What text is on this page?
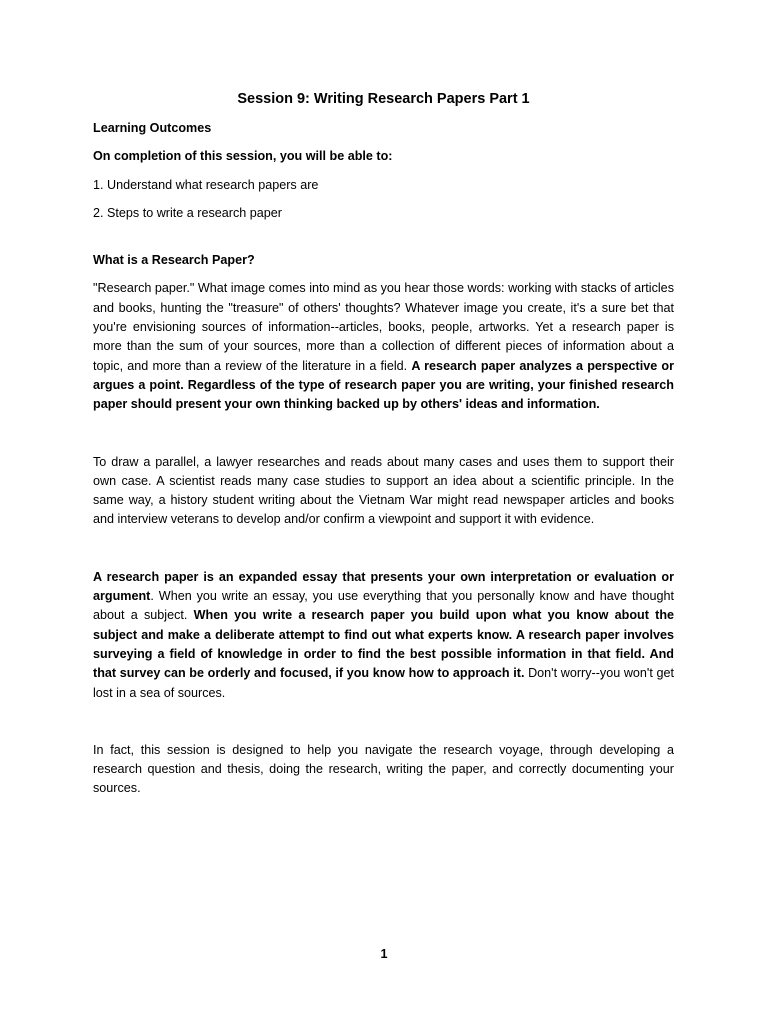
Session 9: Writing Research Papers Part 1
Learning Outcomes
On completion of this session, you will be able to:
1. Understand what research papers are
2. Steps to write a research paper
What is a Research Paper?

"Research paper." What image comes into mind as you hear those words: working with stacks of articles and books, hunting the "treasure" of others' thoughts? Whatever image you create, it's a sure bet that you're envisioning sources of information--articles, books, people, artworks. Yet a research paper is more than the sum of your sources, more than a collection of different pieces of information about a topic, and more than a review of the literature in a field. A research paper analyzes a perspective or argues a point. Regardless of the type of research paper you are writing, your finished research paper should present your own thinking backed up by others' ideas and information.

To draw a parallel, a lawyer researches and reads about many cases and uses them to support their own case. A scientist reads many case studies to support an idea about a scientific principle. In the same way, a history student writing about the Vietnam War might read newspaper articles and books and interview veterans to develop and/or confirm a viewpoint and support it with evidence.

A research paper is an expanded essay that presents your own interpretation or evaluation or argument. When you write an essay, you use everything that you personally know and have thought about a subject. When you write a research paper you build upon what you know about the subject and make a deliberate attempt to find out what experts know. A research paper involves surveying a field of knowledge in order to find the best possible information in that field. And that survey can be orderly and focused, if you know how to approach it. Don't worry--you won't get lost in a sea of sources.

In fact, this session is designed to help you navigate the research voyage, through developing a research question and thesis, doing the research, writing the paper, and correctly documenting your sources.

1
